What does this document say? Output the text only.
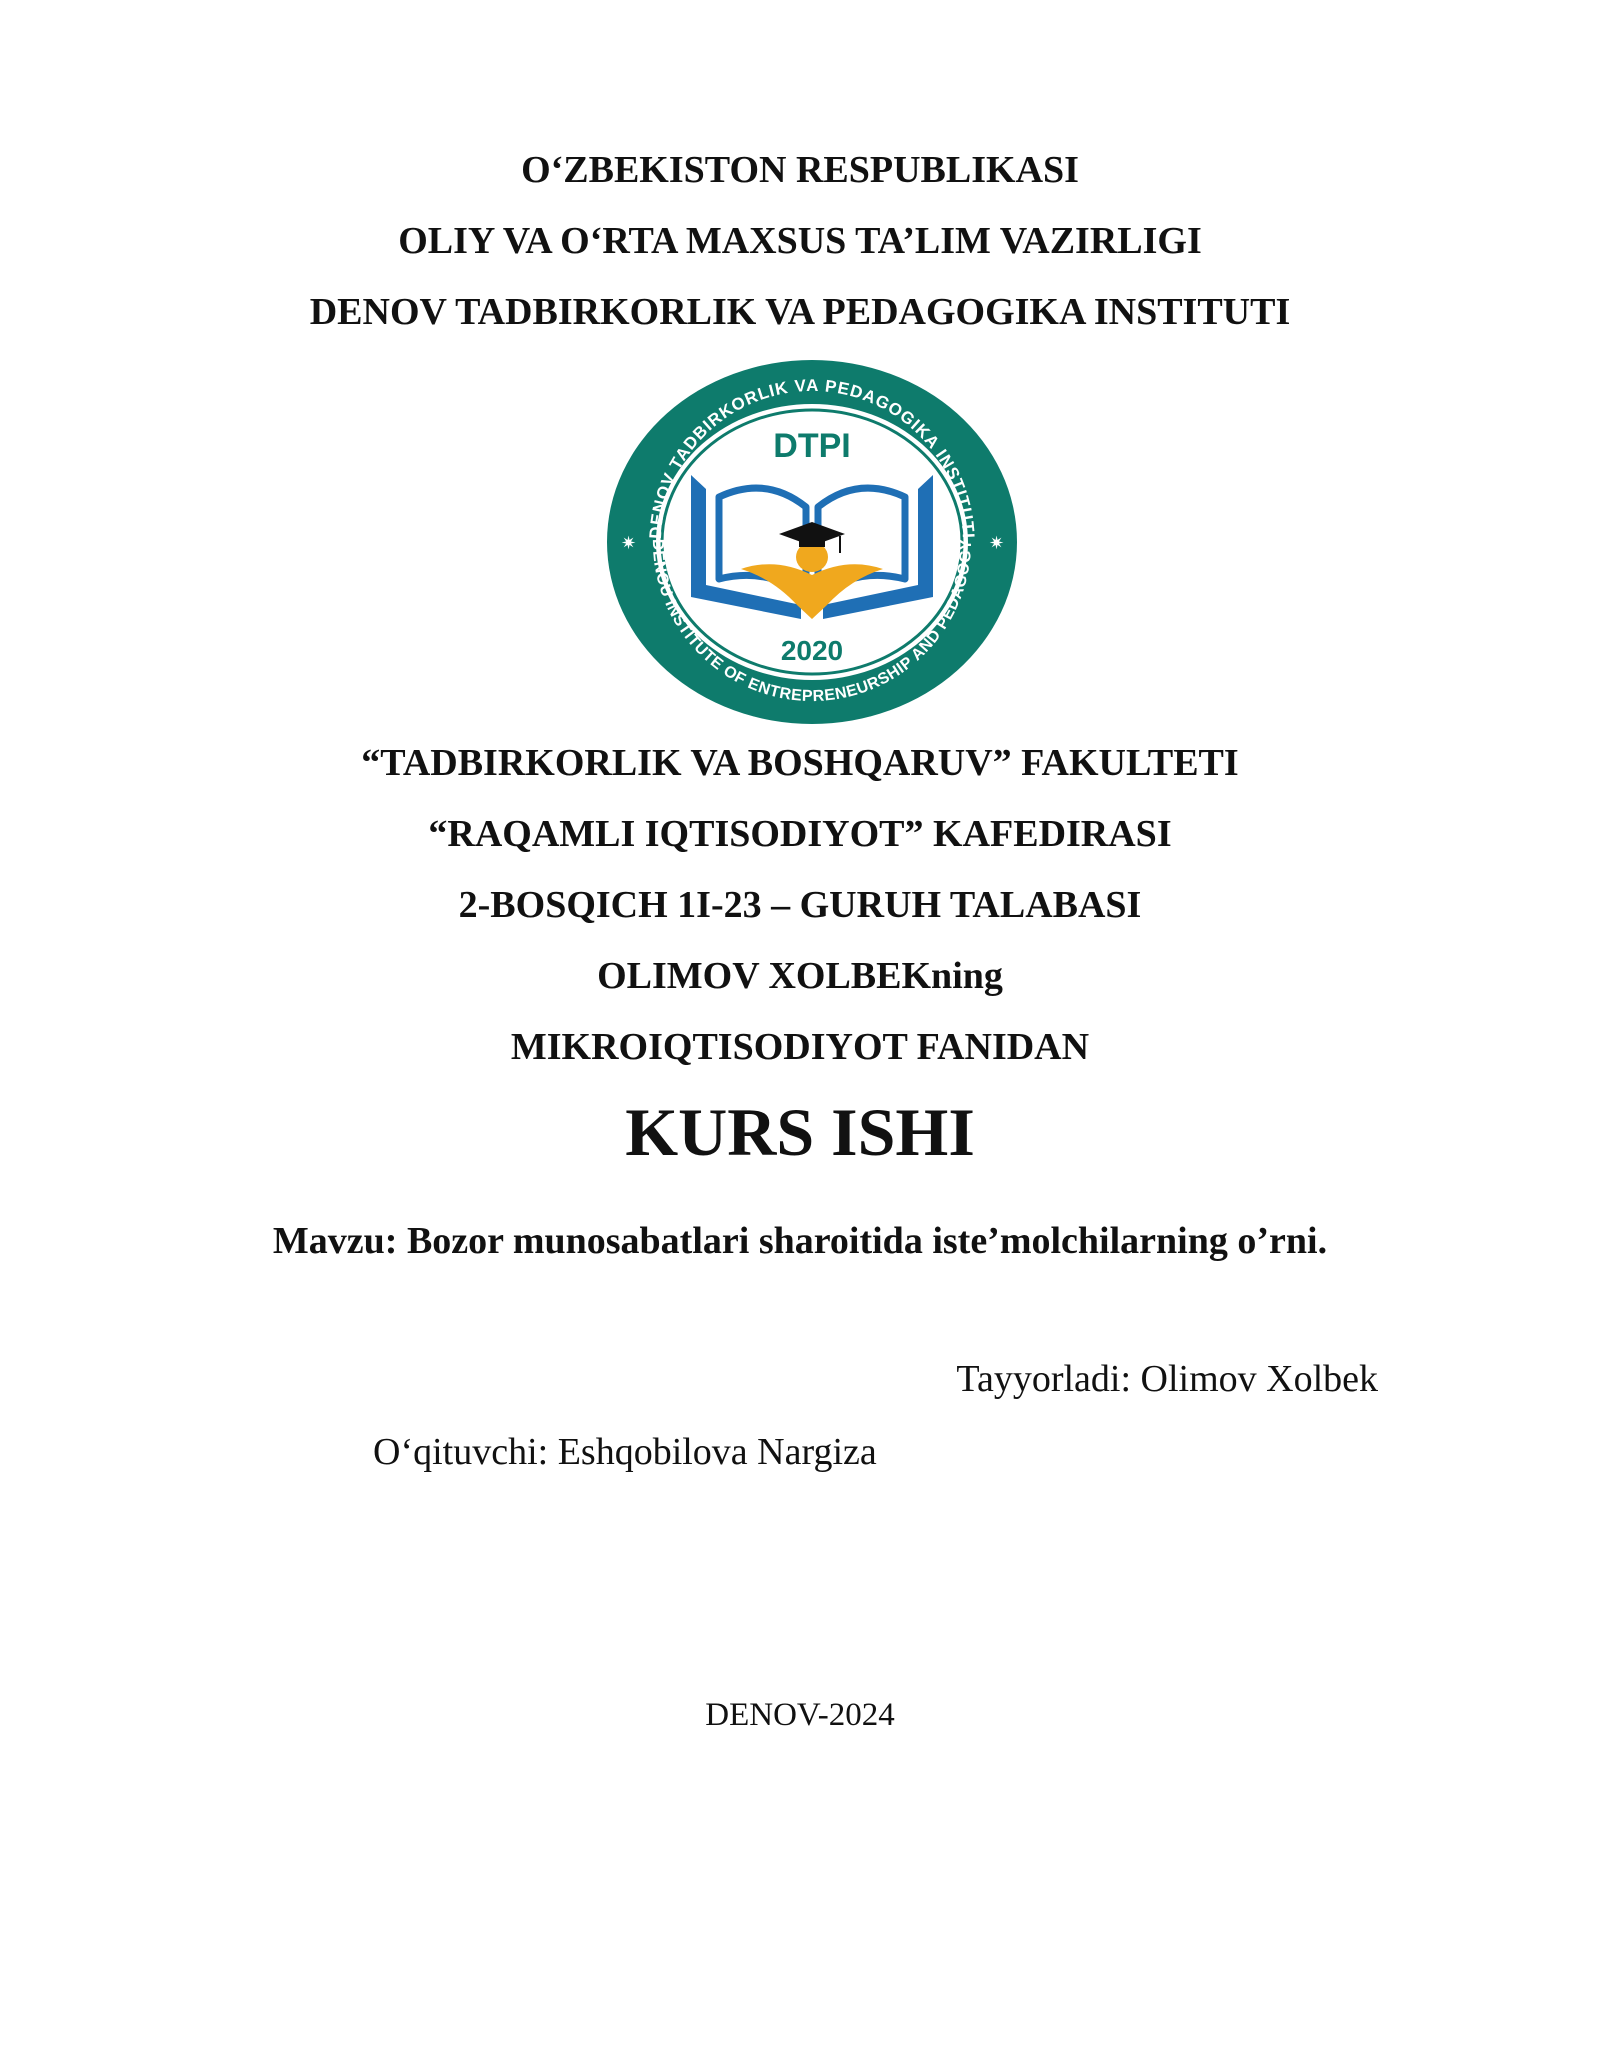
O‘ZBEKISTON RESPUBLIKASI
OLIY VA O‘RTA MAXSUS TA’LIM VAZIRLIGI
DENOV TADBIRKORLIK VA PEDAGOGIKA INSTITUTI
DENOV TADBIRKORLIK VA PEDAGOGIKA INSTITUTI
DENOU INSTITUTE OF ENTREPRENEURSHIP AND PEDAGOGY
✷	✷
DTPI
2020
“TADBIRKORLIK VA BOSHQARUV” FAKULTETI
“RAQAMLI IQTISODIYOT” KAFEDIRASI
2-BOSQICH 1I-23 – GURUH TALABASI
OLIMOV XOLBEKning
MIKROIQTISODIYOT FANIDAN
KURS ISHI
Mavzu: Bozor munosabatlari sharoitida iste’molchilarning o’rni.
Tayyorladi: Olimov Xolbek
O‘qituvchi: Eshqobilova Nargiza
DENOV-2024
